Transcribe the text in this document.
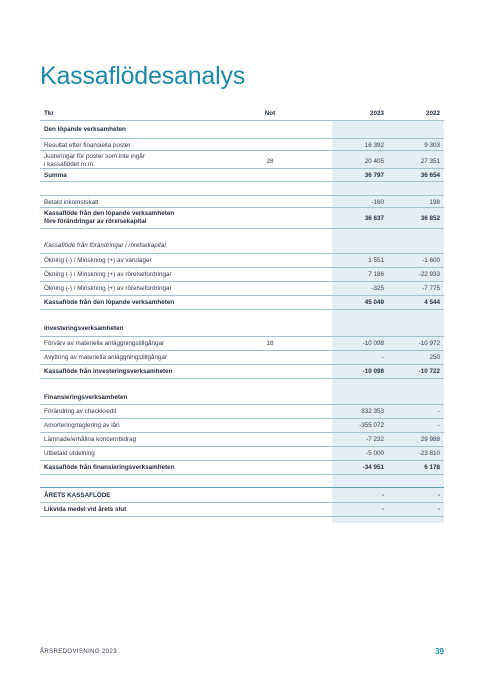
Kassaflödesanalys
Tkr	Not	2023	2022
Den löpande verksamheten
Resultat efter finansiella poster	16 392	9 303
Justeringar för poster som inte ingår
i kassaflödet m.m.	28	20 405	27 351
Summa	36 797	36 654
Betald inkomstskatt	-160	198
Kassaflöde från den löpande verksamheten
före förändringar av rörelsekapital	36 637	36 852
Kassaflöde från förändringar i rörelsekapital
Ökning (-) / Minskning (+) av varulager	1 551	-1 600
Ökning (-) / Minskning (+) av rörelsefordringar	7 186	-22 933
Ökning (-) / Minskning (+) av rörelsefordringar	-325	-7 775
Kassaflöde från den löpande verksamheten	45 049	4 544
Investeringsverksamheten
Förvärv av materiella anläggningstillgångar	18	-10 098	-10 972
Avyttring av materiella anläggningstillgångar	-	250
Kassaflöde från investeringsverksamheten	-10 098	-10 722
Finansieringsverksamheten
Förändring av checkkredit	332 353	-
Amortering/reglering av lån	-355 072	-
Lämnade/erhållna koncernbidrag	-7 232	29 988
Utbetald utdelning	-5 000	-23 810
Kassaflöde från finansieringsverksamheten	-34 951	6 178
ÅRETS KASSAFLÖDE	-	-
Likvida medel vid årets slut	-	-
ÅRSREDOVISNING 2023	39
